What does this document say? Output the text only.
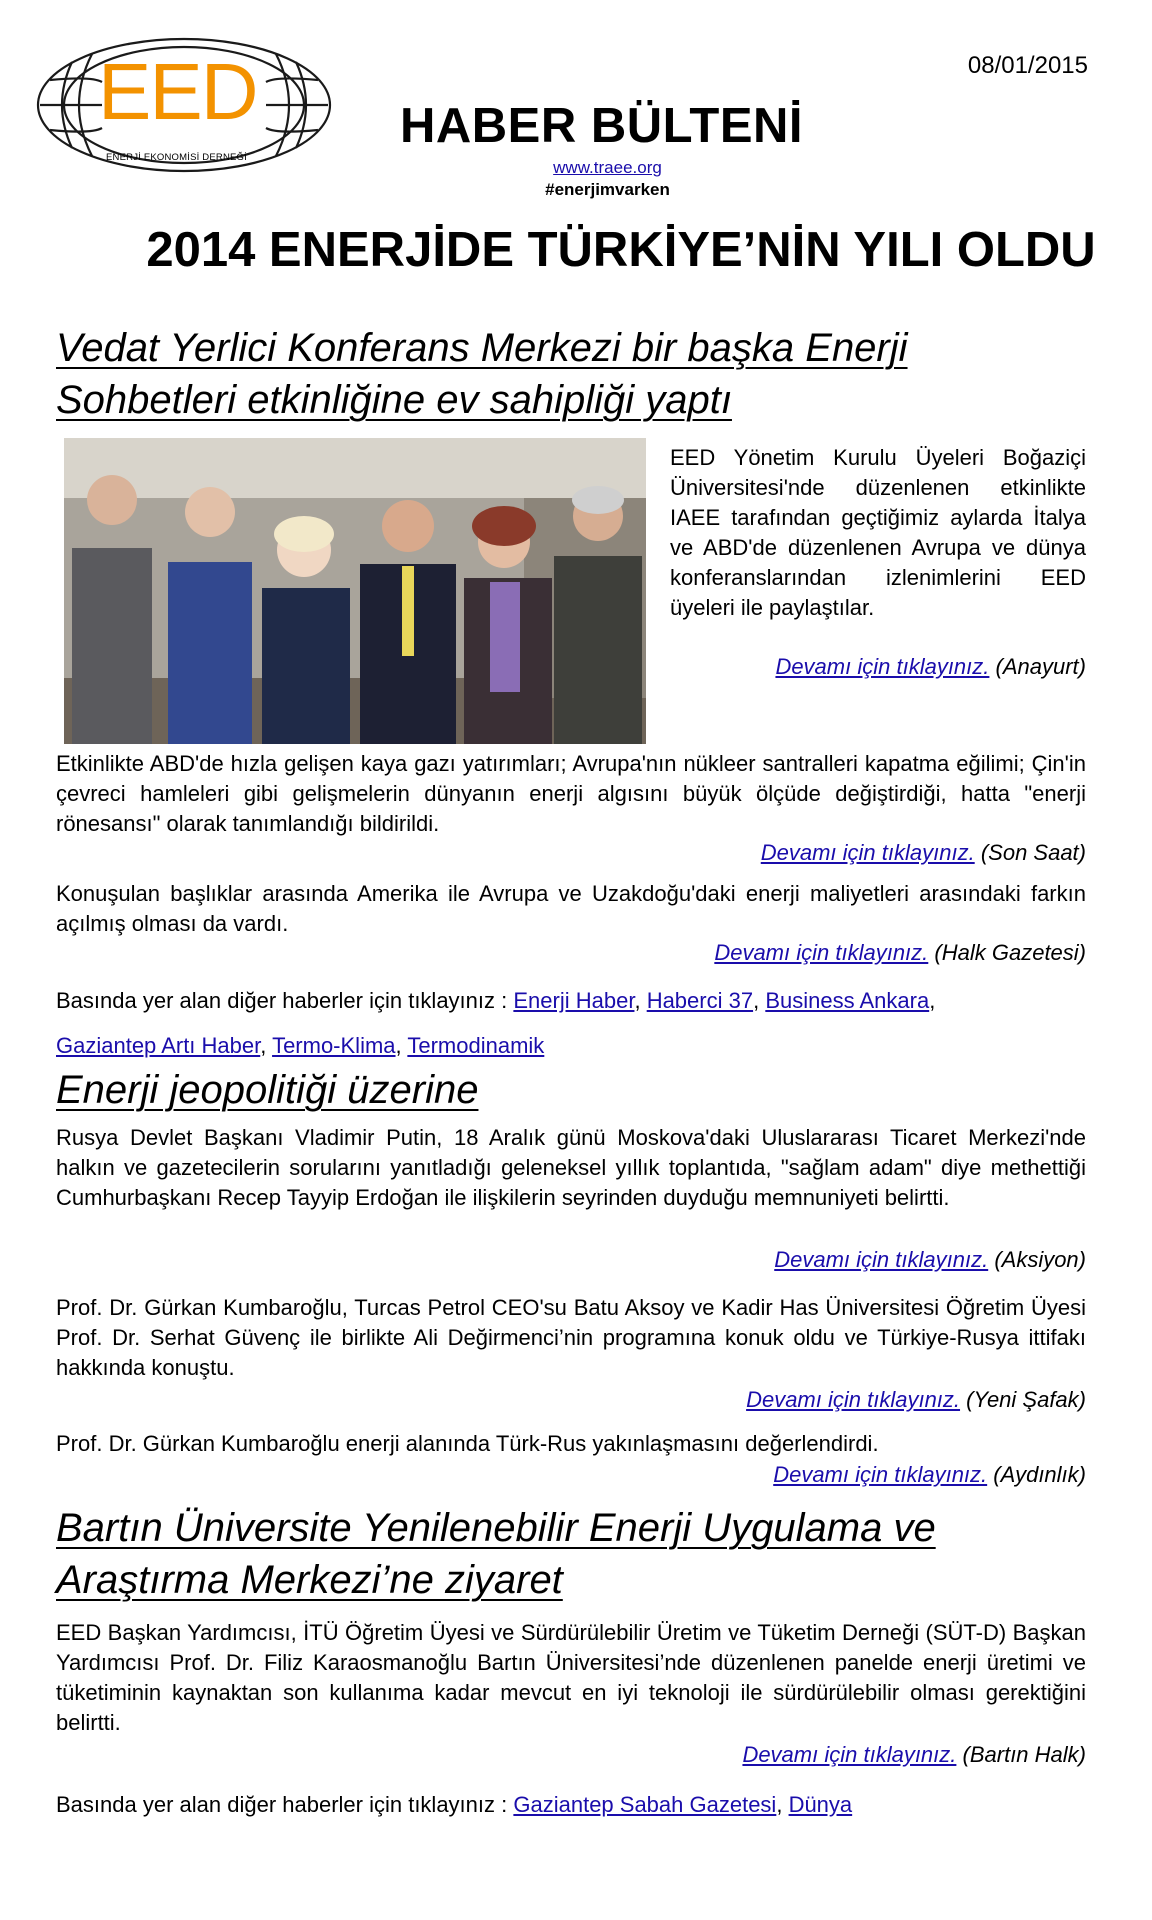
EED
ENERJİ EKONOMİSİ DERNEĞİ
08/01/2015
HABER BÜLTENİ
www.traee.org
#enerjimvarken
2014 ENERJİDE TÜRKİYE’NİN YILI OLDU
Vedat Yerlici Konferans Merkezi bir başka Enerji
Sohbetleri etkinliğine ev sahipliği yaptı
EED Yönetim Kurulu Üyeleri Boğaziçi Üniversitesi'nde düzenlenen etkinlikte IAEE tarafından geçtiğimiz aylarda İtalya ve ABD'de düzenlenen Avrupa ve dünya konferanslarından izlenimlerini EED üyeleri ile paylaştılar.
Devamı için tıklayınız. (Anayurt)
Etkinlikte ABD'de hızla gelişen kaya gazı yatırımları; Avrupa'nın nükleer santralleri kapatma eğilimi; Çin'in çevreci hamleleri gibi gelişmelerin dünyanın enerji algısını büyük ölçüde değiştirdiği, hatta "enerji rönesansı" olarak tanımlandığı bildirildi.
Devamı için tıklayınız. (Son Saat)
Konuşulan başlıklar arasında Amerika ile Avrupa ve Uzakdoğu'daki enerji maliyetleri arasındaki farkın açılmış olması da vardı.
Devamı için tıklayınız. (Halk Gazetesi)
Basında yer alan diğer haberler için tıklayınız : Enerji Haber, Haberci 37, Business Ankara,
Gaziantep Artı Haber, Termo-Klima, Termodinamik
Enerji jeopolitiği üzerine
Rusya Devlet Başkanı Vladimir Putin, 18 Aralık günü Moskova'daki Uluslararası Ticaret Merkezi'nde halkın ve gazetecilerin sorularını yanıtladığı geleneksel yıllık toplantıda, "sağlam adam" diye methettiği Cumhurbaşkanı Recep Tayyip Erdoğan ile ilişkilerin seyrinden duyduğu memnuniyeti belirtti.
Devamı için tıklayınız. (Aksiyon)
Prof. Dr. Gürkan Kumbaroğlu, Turcas Petrol CEO'su Batu Aksoy ve Kadir Has Üniversitesi Öğretim Üyesi Prof. Dr. Serhat Güvenç ile birlikte Ali Değirmenci’nin programına konuk oldu ve Türkiye-Rusya ittifakı hakkında konuştu.
Devamı için tıklayınız. (Yeni Şafak)
Prof. Dr. Gürkan Kumbaroğlu enerji alanında Türk-Rus yakınlaşmasını değerlendirdi.
Devamı için tıklayınız. (Aydınlık)
Bartın Üniversite Yenilenebilir Enerji Uygulama ve
Araştırma Merkezi’ne ziyaret
EED Başkan Yardımcısı, İTÜ Öğretim Üyesi ve Sürdürülebilir Üretim ve Tüketim Derneği (SÜT-D) Başkan Yardımcısı Prof. Dr. Filiz Karaosmanoğlu Bartın Üniversitesi’nde düzenlenen panelde enerji üretimi ve tüketiminin kaynaktan son kullanıma kadar mevcut en iyi teknoloji ile sürdürülebilir olması gerektiğini belirtti.
Devamı için tıklayınız. (Bartın Halk)
Basında yer alan diğer haberler için tıklayınız : Gaziantep Sabah Gazetesi, Dünya
